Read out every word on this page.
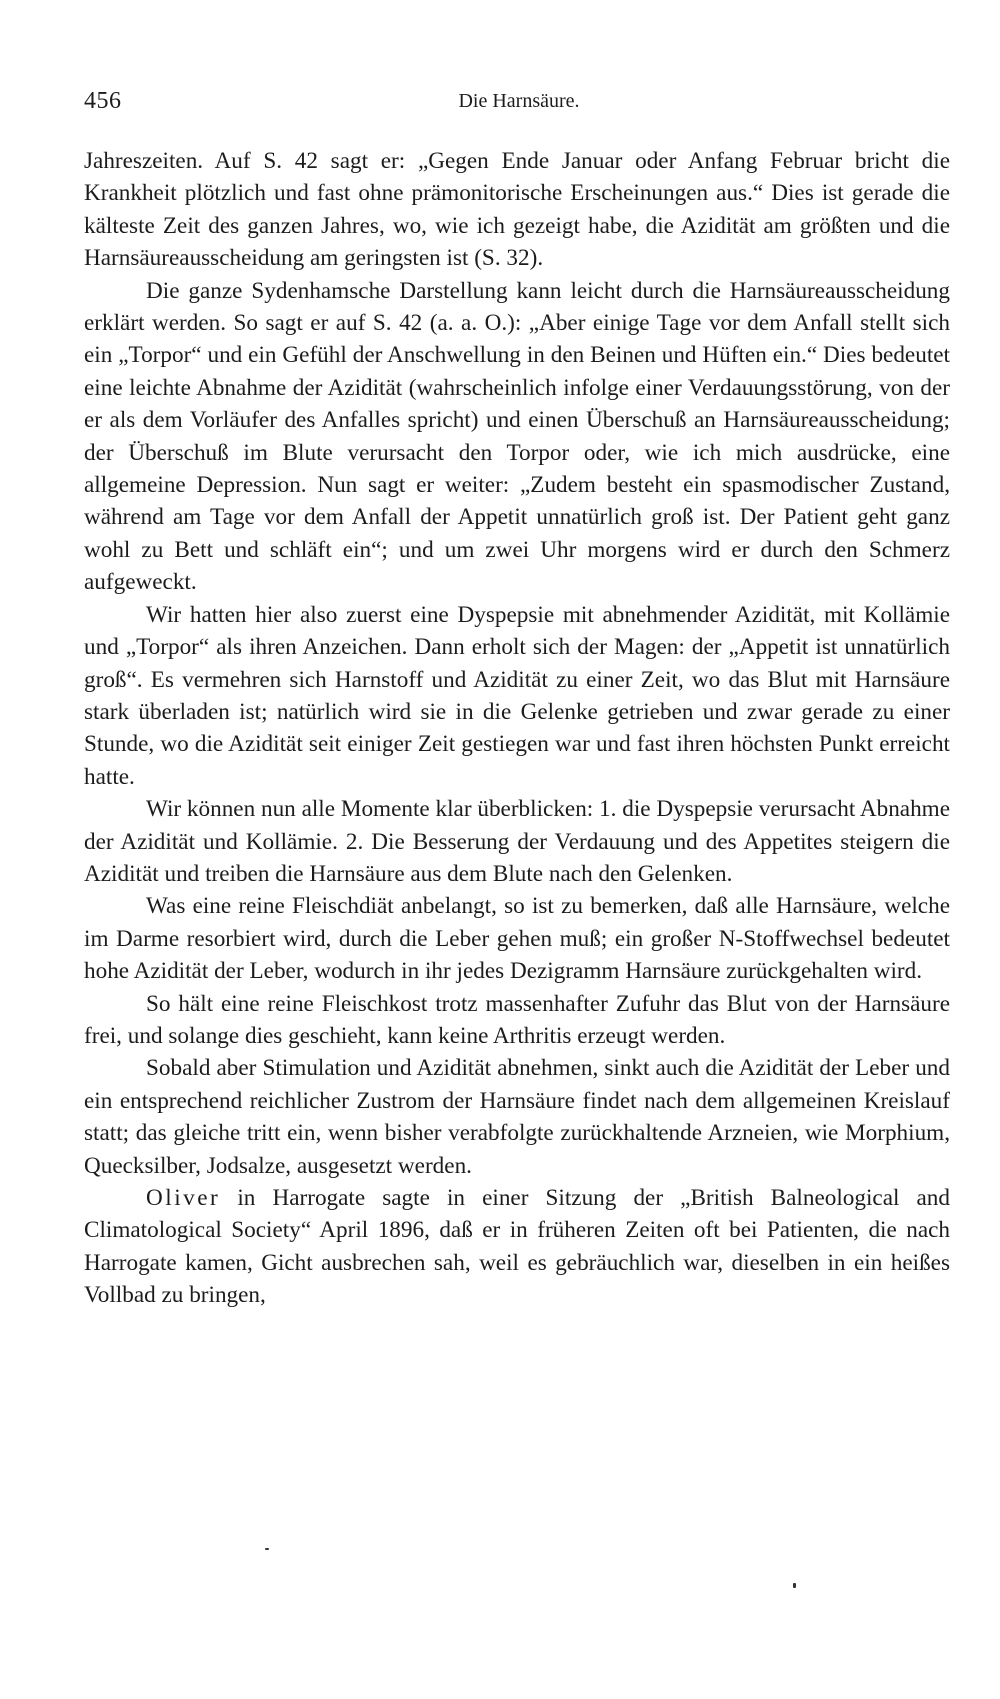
456	Die Harnsäure.

Jahreszeiten. Auf S. 42 sagt er: „Gegen Ende Januar oder Anfang Februar bricht die Krankheit plötzlich und fast ohne prämonitorische Erscheinungen aus.“ Dies ist gerade die kälteste Zeit des ganzen Jahres, wo, wie ich gezeigt habe, die Azidität am größten und die Harnsäureausscheidung am geringsten ist (S. 32).

Die ganze Sydenhamsche Darstellung kann leicht durch die Harnsäureausscheidung erklärt werden. So sagt er auf S. 42 (a. a. O.): „Aber einige Tage vor dem Anfall stellt sich ein „Torpor“ und ein Gefühl der Anschwellung in den Beinen und Hüften ein.“ Dies bedeutet eine leichte Abnahme der Azidität (wahrscheinlich infolge einer Verdauungsstörung, von der er als dem Vorläufer des Anfalles spricht) und einen Überschuß an Harnsäureausscheidung; der Überschuß im Blute verursacht den Torpor oder, wie ich mich ausdrücke, eine allgemeine Depression. Nun sagt er weiter: „Zudem besteht ein spasmodischer Zustand, während am Tage vor dem Anfall der Appetit unnatürlich groß ist. Der Patient geht ganz wohl zu Bett und schläft ein“; und um zwei Uhr morgens wird er durch den Schmerz aufgeweckt.

Wir hatten hier also zuerst eine Dyspepsie mit abnehmender Azidität, mit Kollämie und „Torpor“ als ihren Anzeichen. Dann erholt sich der Magen: der „Appetit ist unnatürlich groß“. Es vermehren sich Harnstoff und Azidität zu einer Zeit, wo das Blut mit Harnsäure stark überladen ist; natürlich wird sie in die Gelenke getrieben und zwar gerade zu einer Stunde, wo die Azidität seit einiger Zeit gestiegen war und fast ihren höchsten Punkt erreicht hatte.

Wir können nun alle Momente klar überblicken: 1. die Dyspepsie verursacht Abnahme der Azidität und Kollämie. 2. Die Besserung der Verdauung und des Appetites steigern die Azidität und treiben die Harnsäure aus dem Blute nach den Gelenken.

Was eine reine Fleischdiät anbelangt, so ist zu bemerken, daß alle Harnsäure, welche im Darme resorbiert wird, durch die Leber gehen muß; ein großer N-Stoffwechsel bedeutet hohe Azidität der Leber, wodurch in ihr jedes Dezigramm Harnsäure zurückgehalten wird.

So hält eine reine Fleischkost trotz massenhafter Zufuhr das Blut von der Harnsäure frei, und solange dies geschieht, kann keine Arthritis erzeugt werden.

Sobald aber Stimulation und Azidität abnehmen, sinkt auch die Azidität der Leber und ein entsprechend reichlicher Zustrom der Harnsäure findet nach dem allgemeinen Kreislauf statt; das gleiche tritt ein, wenn bisher verabfolgte zurückhaltende Arzneien, wie Morphium, Quecksilber, Jodsalze, ausgesetzt werden.

Oliver in Harrogate sagte in einer Sitzung der „British Balneological and Climatological Society“ April 1896, daß er in früheren Zeiten oft bei Patienten, die nach Harrogate kamen, Gicht ausbrechen sah, weil es gebräuchlich war, dieselben in ein heißes Vollbad zu bringen,
